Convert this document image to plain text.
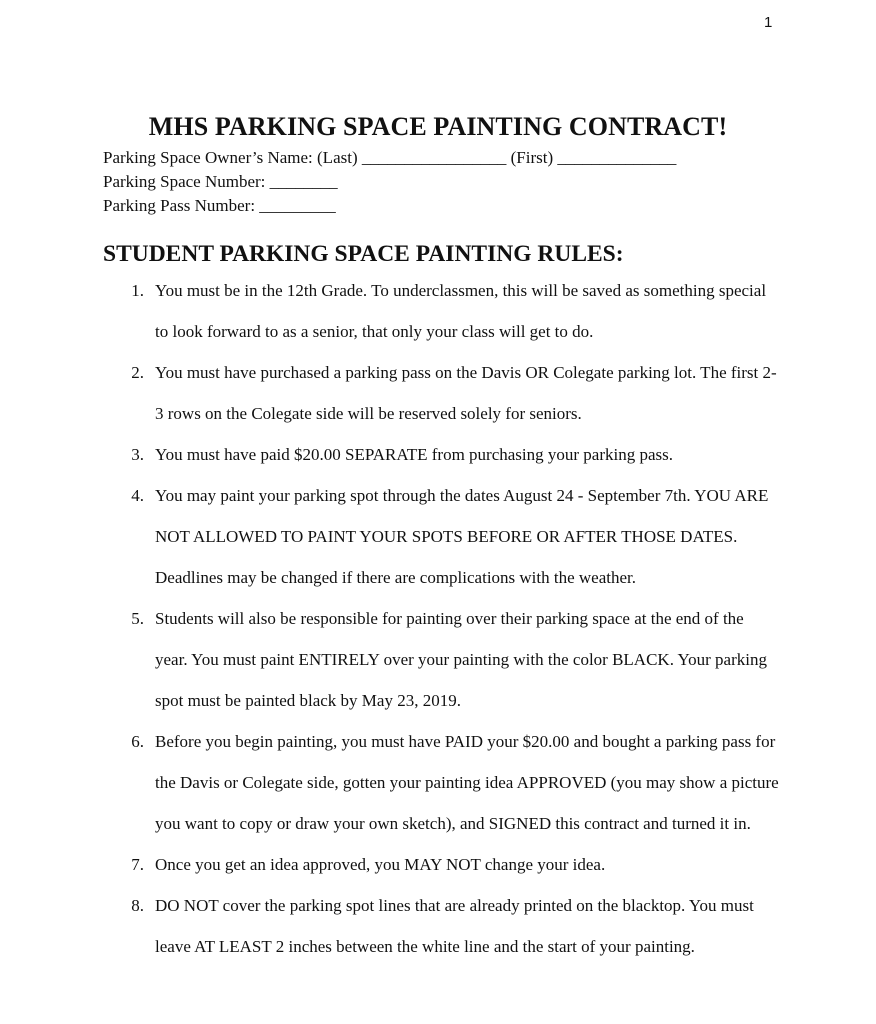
1
MHS PARKING SPACE PAINTING CONTRACT!

Parking Space Owner’s Name: (Last) _________________ (First) ______________

Parking Space Number: ________

Parking Pass Number: _________

STUDENT PARKING SPACE PAINTING RULES:
1. You must be in the 12th Grade. To underclassmen, this will be saved as something special to look forward to as a senior, that only your class will get to do.
2. You must have purchased a parking pass on the Davis OR Colegate parking lot. The first 2-3 rows on the Colegate side will be reserved solely for seniors.
3. You must have paid $20.00 SEPARATE from purchasing your parking pass.
4. You may paint your parking spot through the dates August 24 - September 7th. YOU ARE NOT ALLOWED TO PAINT YOUR SPOTS BEFORE OR AFTER THOSE DATES. Deadlines may be changed if there are complications with the weather.
5. Students will also be responsible for painting over their parking space at the end of the year. You must paint ENTIRELY over your painting with the color BLACK. Your parking spot must be painted black by May 23, 2019.
6. Before you begin painting, you must have PAID your $20.00 and bought a parking pass for the Davis or Colegate side, gotten your painting idea APPROVED (you may show a picture you want to copy or draw your own sketch), and SIGNED this contract and turned it in.
7. Once you get an idea approved, you MAY NOT change your idea.
8. DO NOT cover the parking spot lines that are already printed on the blacktop. You must leave AT LEAST 2 inches between the white line and the start of your painting.
